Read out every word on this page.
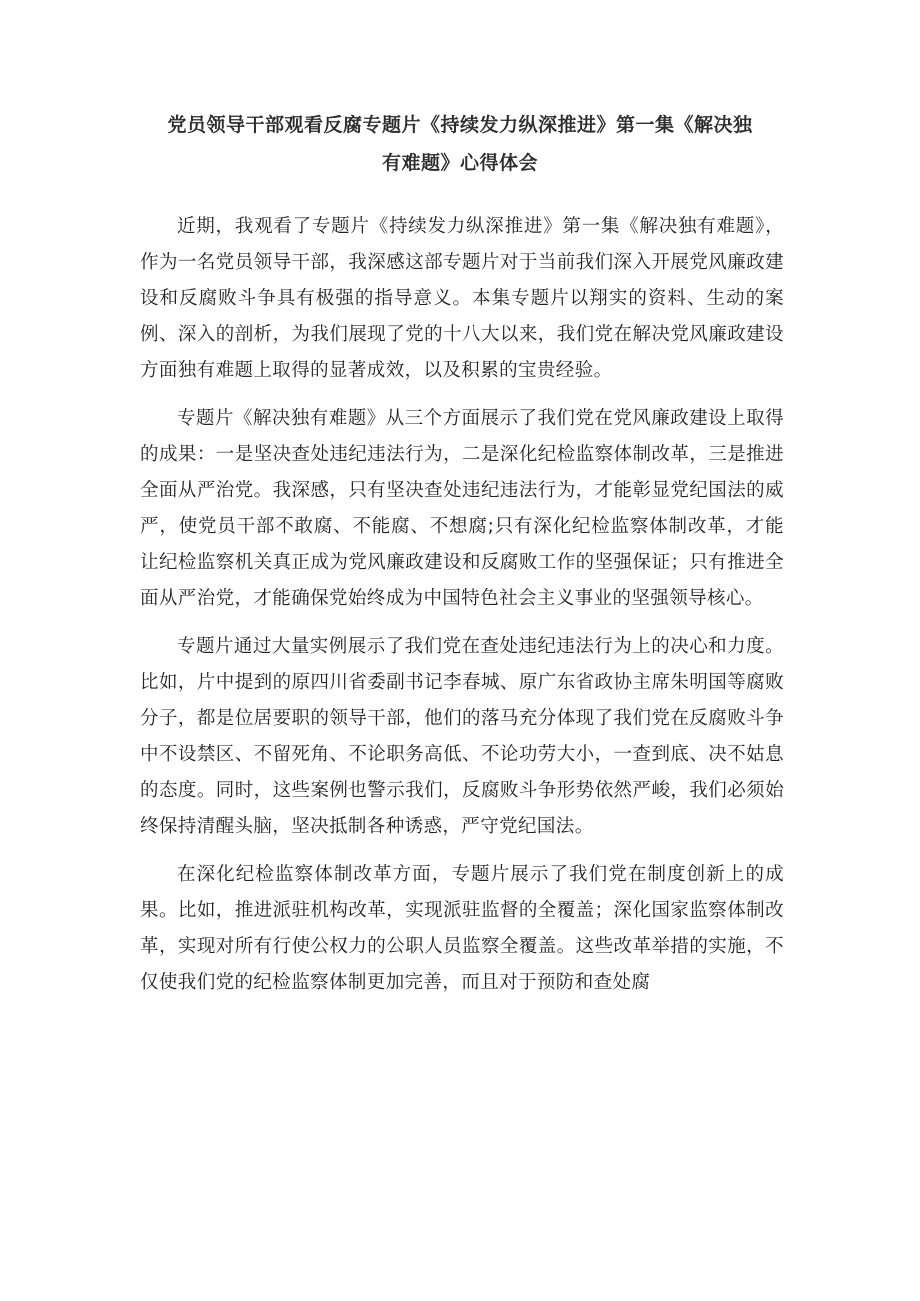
党员领导干部观看反腐专题片《持续发力纵深推进》第一集《解决独
有难题》心得体会

近期，我观看了专题片《持续发力纵深推进》第一集《解决独有难题》，作为一名党员领导干部，我深感这部专题片对于当前我们深入开展党风廉政建设和反腐败斗争具有极强的指导意义。本集专题片以翔实的资料、生动的案例、深入的剖析，为我们展现了党的十八大以来，我们党在解决党风廉政建设方面独有难题上取得的显著成效，以及积累的宝贵经验。

专题片《解决独有难题》从三个方面展示了我们党在党风廉政建设上取得的成果：一是坚决查处违纪违法行为，二是深化纪检监察体制改革，三是推进全面从严治党。我深感，只有坚决查处违纪违法行为，才能彰显党纪国法的威严，使党员干部不敢腐、不能腐、不想腐;只有深化纪检监察体制改革，才能让纪检监察机关真正成为党风廉政建设和反腐败工作的坚强保证；只有推进全面从严治党，才能确保党始终成为中国特色社会主义事业的坚强领导核心。

专题片通过大量实例展示了我们党在查处违纪违法行为上的决心和力度。比如，片中提到的原四川省委副书记李春城、原广东省政协主席朱明国等腐败分子，都是位居要职的领导干部，他们的落马充分体现了我们党在反腐败斗争中不设禁区、不留死角、不论职务高低、不论功劳大小，一查到底、决不姑息的态度。同时，这些案例也警示我们，反腐败斗争形势依然严峻，我们必须始终保持清醒头脑，坚决抵制各种诱惑，严守党纪国法。

在深化纪检监察体制改革方面，专题片展示了我们党在制度创新上的成果。比如，推进派驻机构改革，实现派驻监督的全覆盖；深化国家监察体制改革，实现对所有行使公权力的公职人员监察全覆盖。这些改革举措的实施，不仅使我们党的纪检监察体制更加完善，而且对于预防和查处腐
